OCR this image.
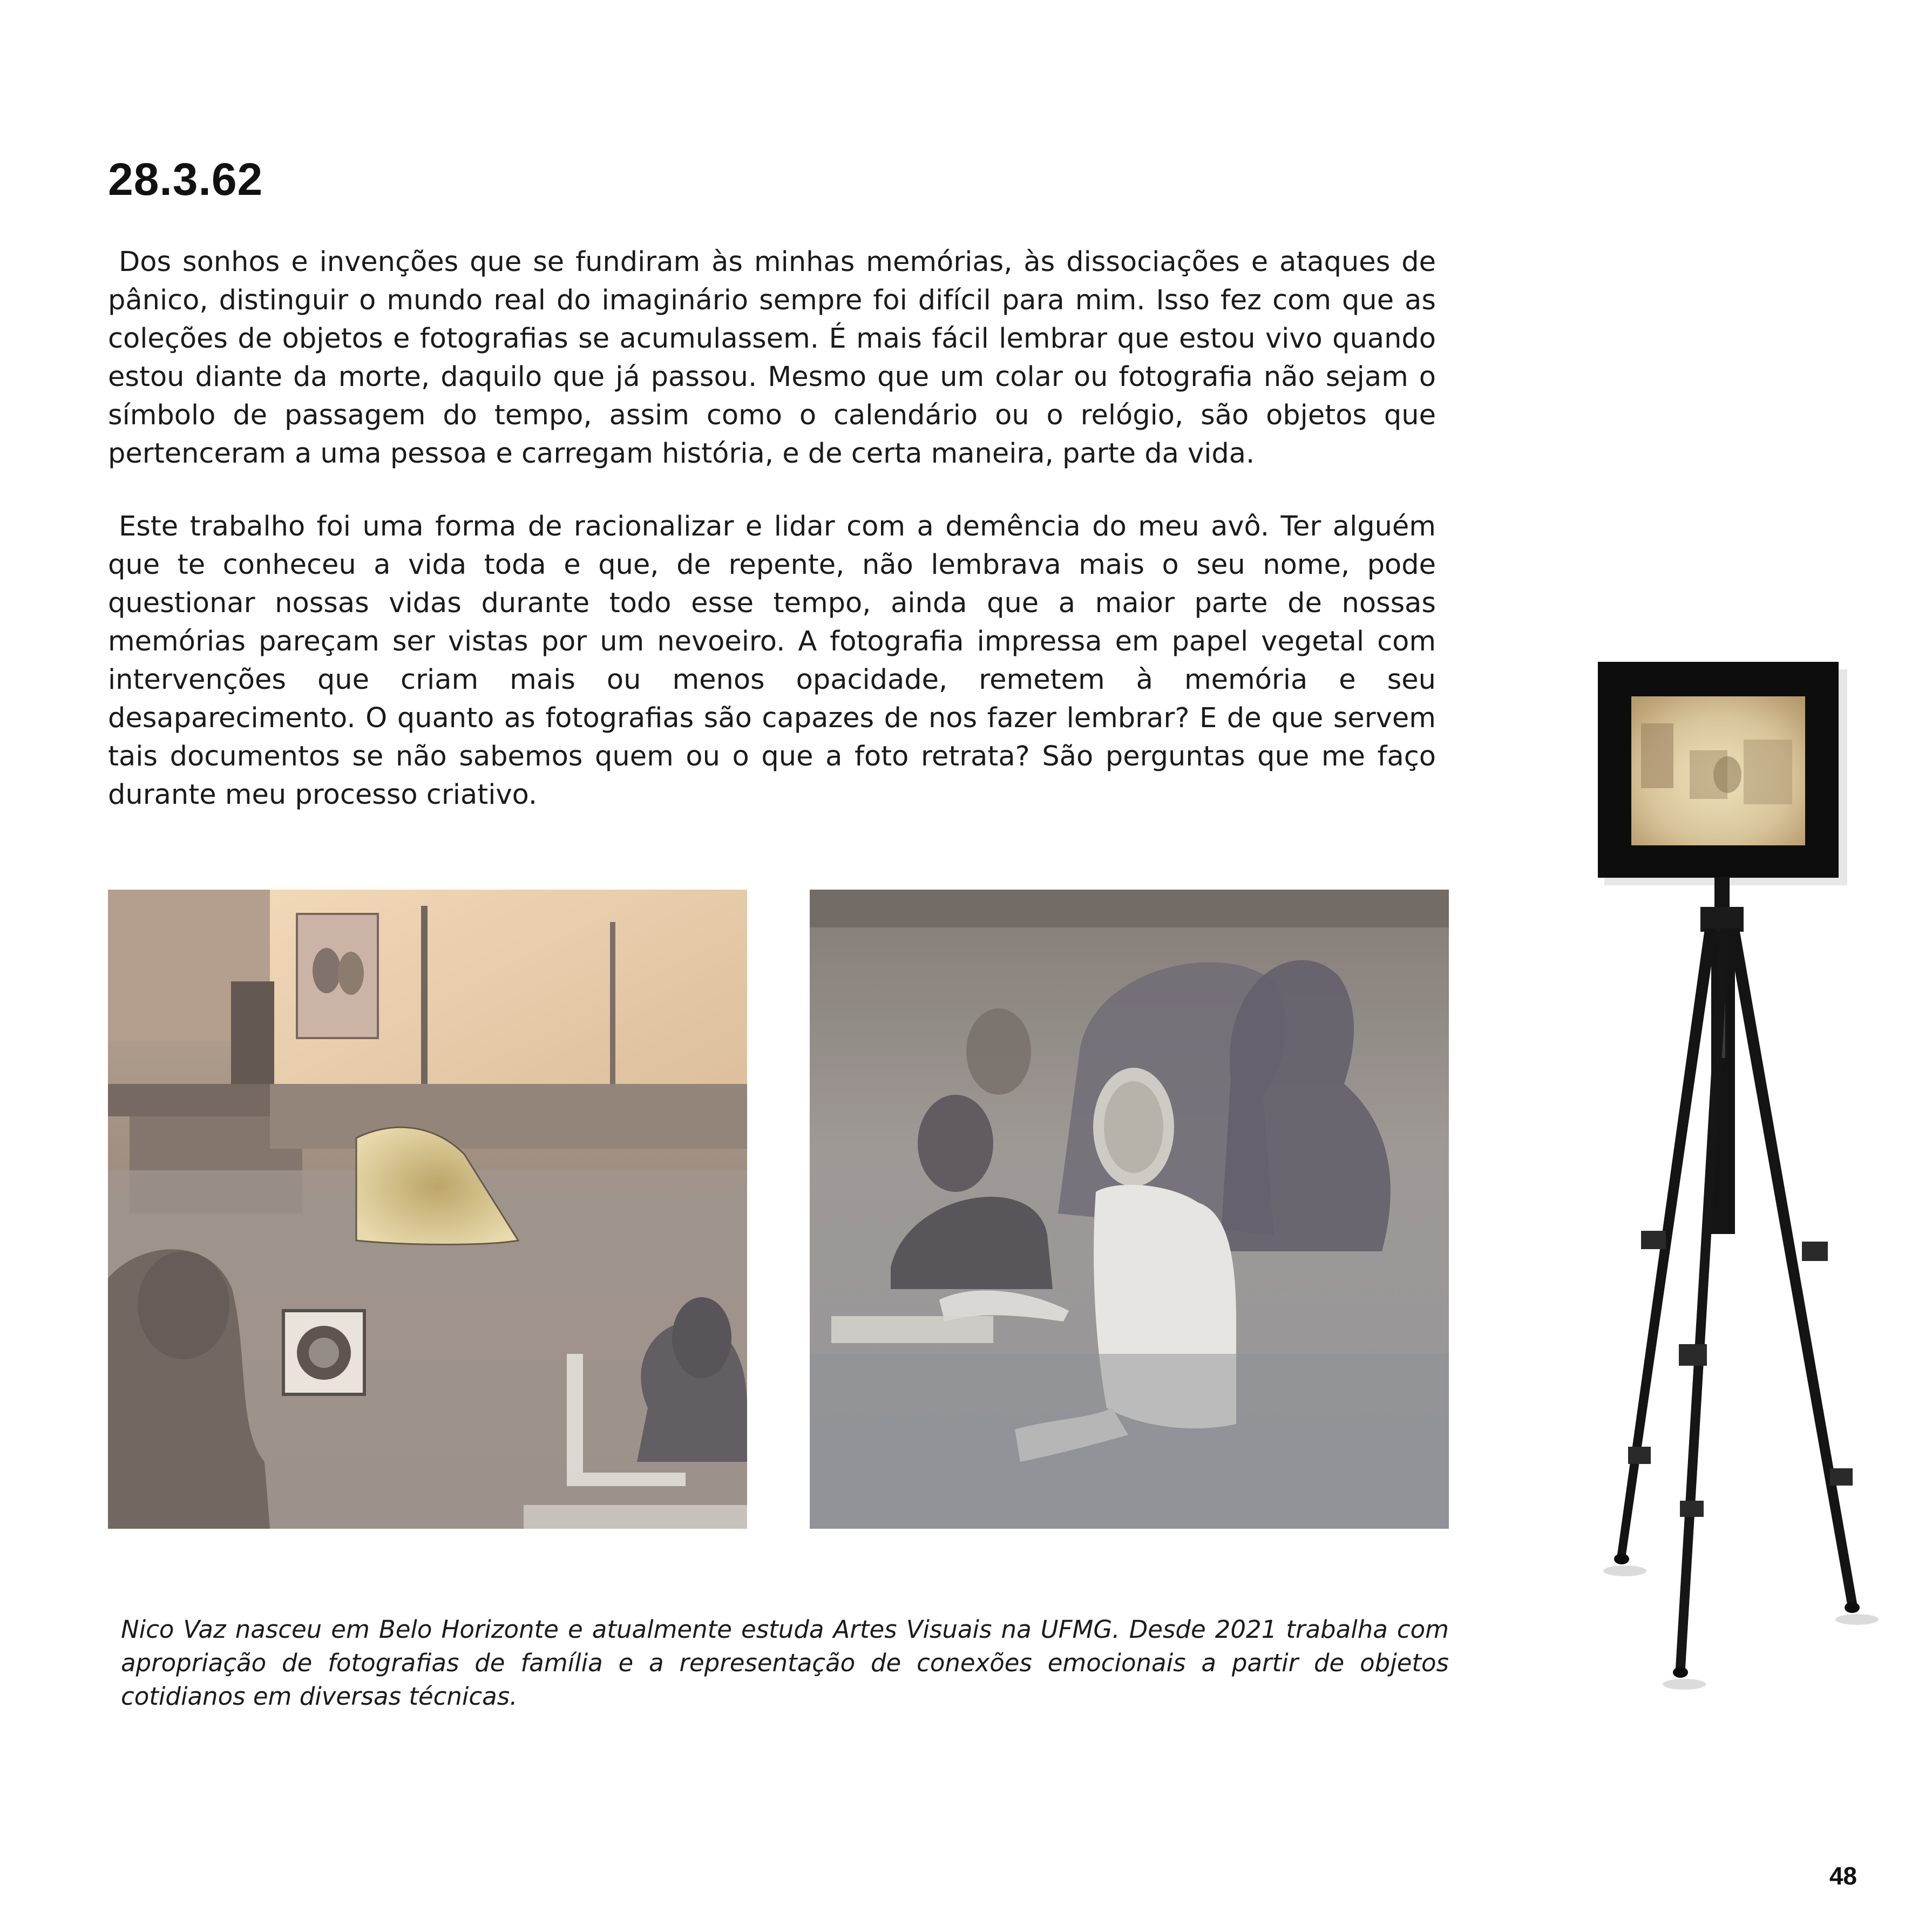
28.3.62

Dos sonhos e invenções que se fundiram às minhas memórias, às dissociações e ataques de pânico, distinguir o mundo real do imaginário sempre foi difícil para mim. Isso fez com que as coleções de objetos e fotografias se acumulassem. É mais fácil lembrar que estou vivo quando estou diante da morte, daquilo que já passou. Mesmo que um colar ou fotografia não sejam o símbolo de passagem do tempo, assim como o calendário ou o relógio, são objetos que pertenceram a uma pessoa e carregam história, e de certa maneira, parte da vida.

Este trabalho foi uma forma de racionalizar e lidar com a demência do meu avô. Ter alguém que te conheceu a vida toda e que, de repente, não lembrava mais o seu nome, pode questionar nossas vidas durante todo esse tempo, ainda que a maior parte de nossas memórias pareçam ser vistas por um nevoeiro. A fotografia impressa em papel vegetal com intervenções que criam mais ou menos opacidade, remetem à memória e seu desaparecimento. O quanto as fotografias são capazes de nos fazer lembrar? E de que servem tais documentos se não sabemos quem ou o que a foto retrata? São perguntas que me faço durante meu processo criativo.

Nico Vaz nasceu em Belo Horizonte e atualmente estuda Artes Visuais na UFMG. Desde 2021 trabalha com apropriação de fotografias de família e a representação de conexões emocionais a partir de objetos cotidianos em diversas técnicas.

48
